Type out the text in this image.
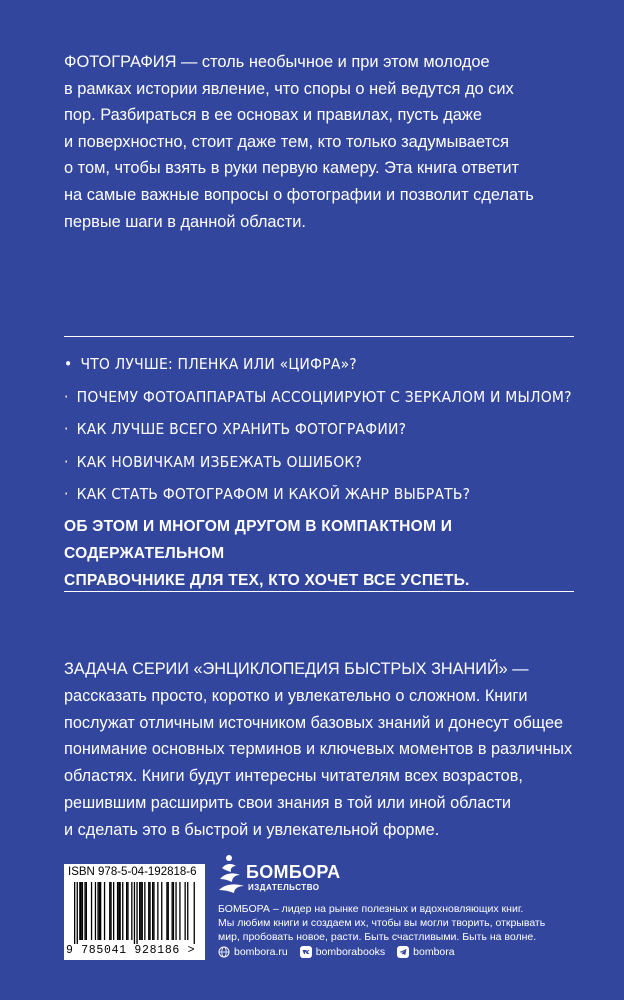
ФОТОГРАФИЯ — столь необычное и при этом молодое

в рамках истории явление, что споры о ней ведутся до сих

пор. Разбираться в ее основах и правилах, пусть даже

и поверхностно, стоит даже тем, кто только задумывается

о том, чтобы взять в руки первую камеру. Эта книга ответит

на самые важные вопросы о фотографии и позволит сделать

первые шаги в данной области.

• ЧТО ЛУЧШЕ: ПЛЕНКА ИЛИ «ЦИФРА»?
· ПОЧЕМУ ФОТОАППАРАТЫ АССОЦИИРУЮТ С ЗЕРКАЛОМ И МЫЛОМ?
· КАК ЛУЧШЕ ВСЕГО ХРАНИТЬ ФОТОГРАФИИ?
· КАК НОВИЧКАМ ИЗБЕЖАТЬ ОШИБОК?
· КАК СТАТЬ ФОТОГРАФОМ И КАКОЙ ЖАНР ВЫБРАТЬ?
ОБ ЭТОМ И МНОГОМ ДРУГОМ В КОМПАКТНОМ И СОДЕРЖАТЕЛЬНОМ
СПРАВОЧНИКЕ ДЛЯ ТЕХ, КТО ХОЧЕТ ВСЕ УСПЕТЬ.
ЗАДАЧА СЕРИИ «ЭНЦИКЛОПЕДИЯ БЫСТРЫХ ЗНАНИЙ» —
рассказать просто, коротко и увлекательно о сложном. Книги
послужат отличным источником базовых знаний и донесут общее
понимание основных терминов и ключевых моментов в различных
областях. Книги будут интересны читателям всех возрастов,
решившим расширить свои знания в той или иной области
и сделать это в быстрой и увлекательной форме.
ISBN 978-5-04-192818-6
9 785041 928186 >
БОМБОРА
ИЗДАТЕЛЬСТВО
БОМБОРА – лидер на рынке полезных и вдохновляющих книг.
Мы любим книги и создаем их, чтобы вы могли творить, открывать
мир, пробовать новое, расти. Быть счастливыми. Быть на волне.
bombora.ru	bomborabooks	bombora
